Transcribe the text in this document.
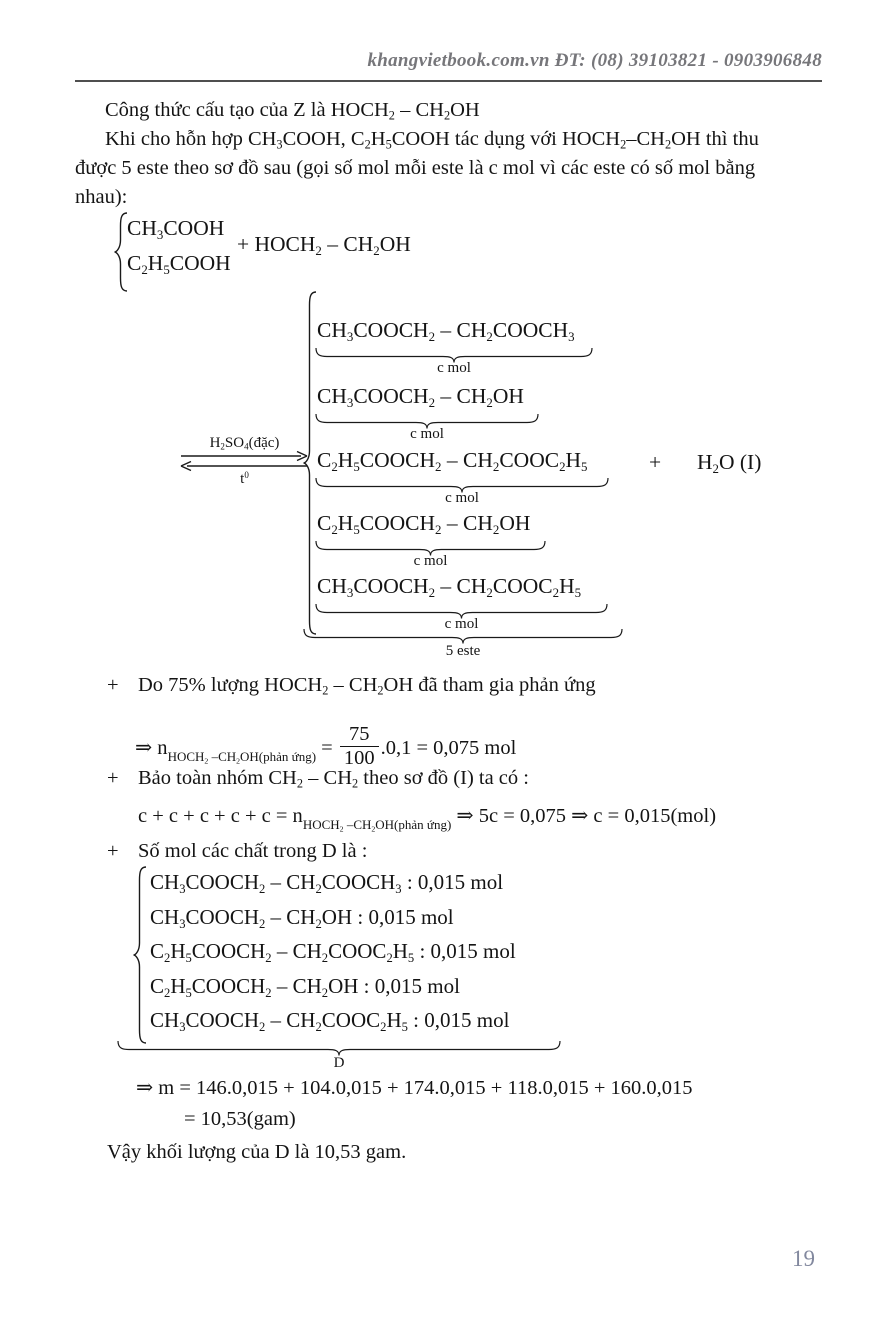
khangvietbook.com.vn ĐT: (08) 39103821 - 0903906848
Công thức cấu tạo của Z là $HOCH_2 - CH_2OH$
Khi cho hỗn hợp $CH_3COOH$, $C_2H_5COOH$ tác dụng với $HOCH_2-CH_2OH$ thì thu
được 5 este theo sơ đồ sau (gọi số mol mỗi este là c mol vì các este có số mol bằng
nhau):
$CH_3COOH$
$C_2H_5COOH$
+ $HOCH_2 - CH_2OH$
$H_2SO_4(đặc)$
$t^0$
$CH_3COOCH_2$ – $CH_2COOCH_3$
c mol
$CH_3COOCH_2 - CH_2OH$
c mol
$C_2H_5COOCH_2$ – $CH_2COOC_2H_5$
c mol
+ $H_2O$ (I)
$C_2H_5COOCH_2 - CH_2OH$
c mol
$CH_3COOCH_2$ – $CH_2COOC_2H_5$
c mol
5 este
+ Do 75% lượng $HOCH_2 - CH_2OH$ đã tham gia phản ứng
⇒ $n_{HOCH_2 -CH_2OH(phản ứng)} = \frac{75}{100} .0,1 = 0,075$ mol
+ Bảo toàn nhóm $CH_2 - CH_2$ theo sơ đồ (I) ta có :
$c + c + c + c + c = n_{HOCH_2 -CH_2OH(phản ứng)}$ ⇒ 5c = 0,075 ⇒ c = 0,015(mol)
+ Số mol các chất trong D là :
$CH_3COOCH_2$ – $CH_2COOCH_3$ : 0,015 mol
$CH_3COOCH_2 - CH_2OH$ : 0,015 mol
$C_2H_5COOCH_2$ – $CH_2COOC_2H_5$ : 0,015 mol
$C_2H_5COOCH_2 - CH_2OH$ : 0,015 mol
$CH_3COOCH_2$ – $CH_2COOC_2H_5$ : 0,015 mol
D
⇒ m = 146.0,015 + 104.0,015 + 174.0,015 + 118.0,015 + 160.0,015
= 10,53(gam)
Vậy khối lượng của D là 10,53 gam.
19
